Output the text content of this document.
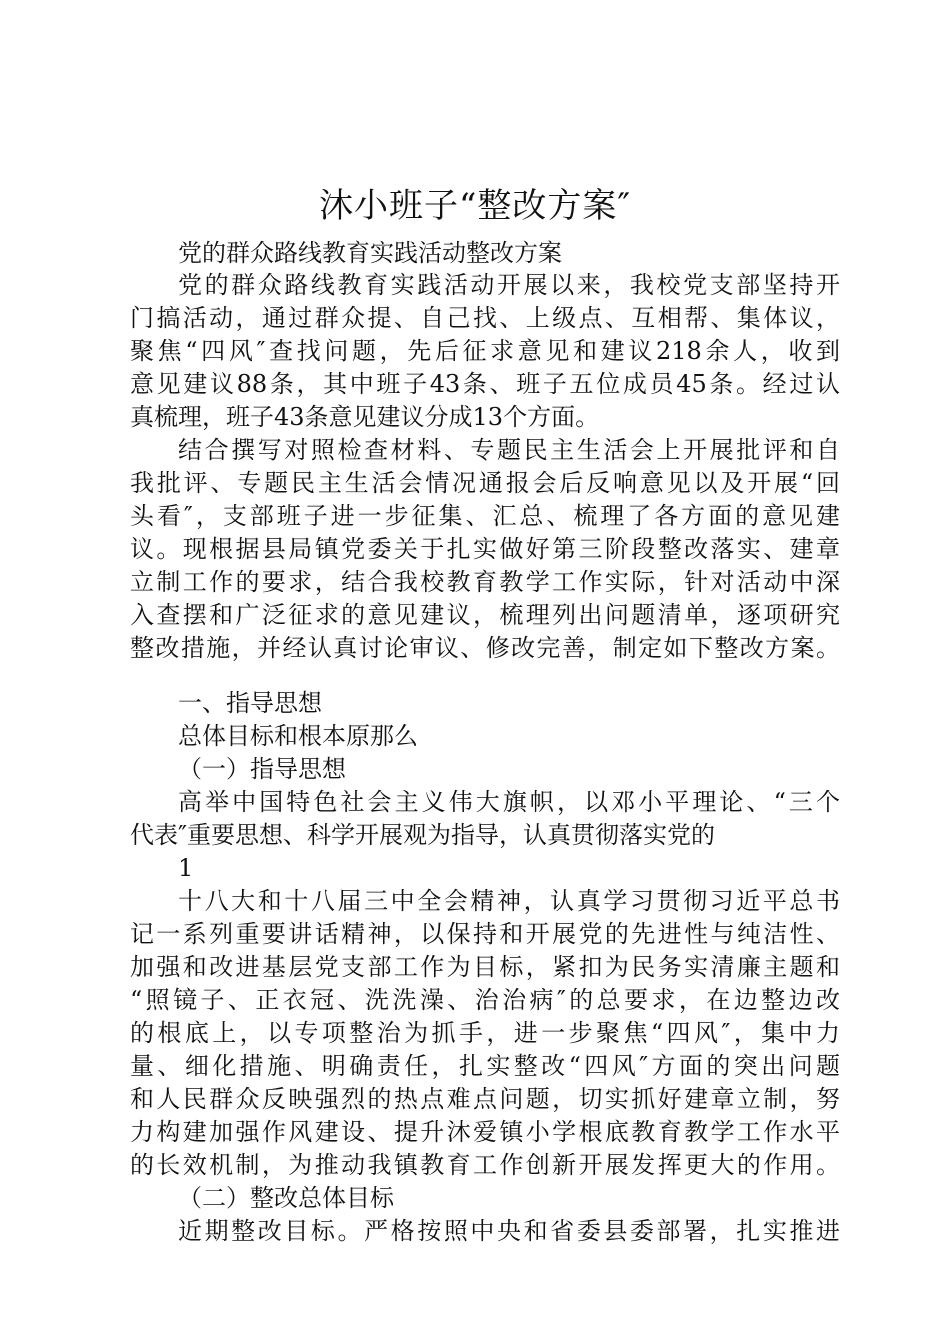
沐小班子“整改方案″
党的群众路线教育实践活动整改方案
党的群众路线教育实践活动开展以来，我校党支部坚持开
门搞活动，通过群众提、自己找、上级点、互相帮、集体议，
聚焦“四风″查找问题，先后征求意见和建议218余人，收到
意见建议88条，其中班子43条、班子五位成员45条。经过认
真梳理，班子43条意见建议分成13个方面。
结合撰写对照检查材料、专题民主生活会上开展批评和自
我批评、专题民主生活会情况通报会后反响意见以及开展“回
头看″，支部班子进一步征集、汇总、梳理了各方面的意见建
议。现根据县局镇党委关于扎实做好第三阶段整改落实、建章
立制工作的要求，结合我校教育教学工作实际，针对活动中深
入查摆和广泛征求的意见建议，梳理列出问题清单，逐项研究
整改措施，并经认真讨论审议、修改完善，制定如下整改方案。
一、指导思想
总体目标和根本原那么
（一）指导思想
高举中国特色社会主义伟大旗帜，以邓小平理论、“三个
代表″重要思想、科学开展观为指导，认真贯彻落实党的
1
十八大和十八届三中全会精神，认真学习贯彻习近平总书
记一系列重要讲话精神，以保持和开展党的先进性与纯洁性、
加强和改进基层党支部工作为目标，紧扣为民务实清廉主题和
“照镜子、正衣冠、洗洗澡、治治病″的总要求，在边整边改
的根底上，以专项整治为抓手，进一步聚焦“四风″，集中力
量、细化措施、明确责任，扎实整改“四风″方面的突出问题
和人民群众反映强烈的热点难点问题，切实抓好建章立制，努
力构建加强作风建设、提升沐爱镇小学根底教育教学工作水平
的长效机制，为推动我镇教育工作创新开展发挥更大的作用。
（二）整改总体目标
近期整改目标。严格按照中央和省委县委部署，扎实推进
